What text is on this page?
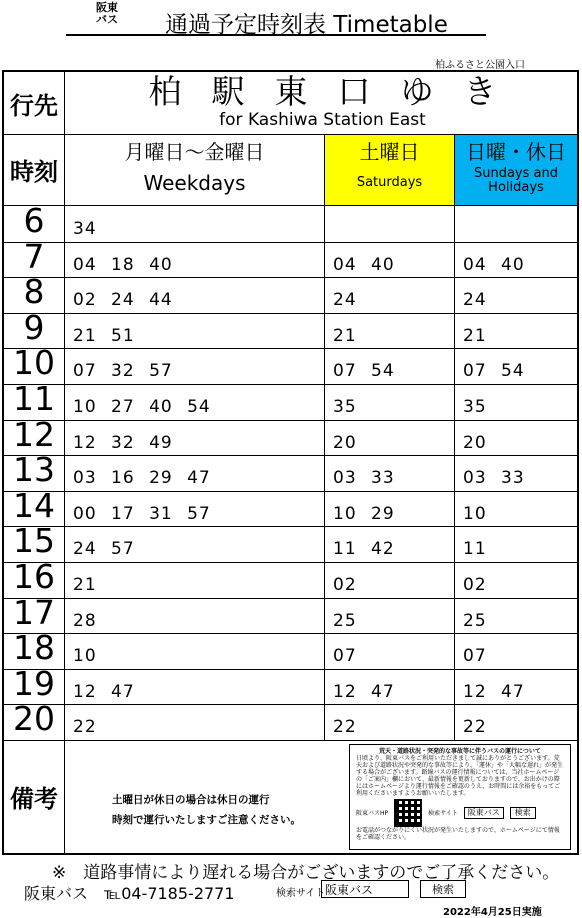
阪東
バス	通過予定時刻表 Timetable
柏ふるさと公園入口
行先	柏駅東口ゆき
for Kashiwa Station East
時刻
月曜日〜金曜日
Weekdays
土曜日
Saturdays
日曜・休日
Sundays and Holidays
6	34
7	04 18 40	04 40	04 40
8	02 24 44	24	24
9	21 51	21	21
10	07 32 57	07 54	07 54
11	10 27 40 54	35	35
12	12 32 49	20	20
13	03 16 29 47	03 33	03 33
14	00 17 31 57	10 29	10
15	24 57	11 42	11
16	21	02	02
17	28	25	25
18	10	07	07
19	12 47	12 47	12 47
20	22	22	22
備考	土曜日が休日の場合は休日の運行
時刻で運行いたしますご注意ください。
荒天・道路状況・突発的な事故等に伴うバスの運行について
日頃より、阪東バスをご利用いただきまして誠にありがとうございます。荒天および道路状況や突発的な事故等により、「運休」や「大幅な遅れ」が発生する場合がございます。路線バスの運行情報については、当社ホームページの「ご案内」欄において、最新情報を更新しておりますので、お出かけの際にはホームページより運行情報をご確認のうえ、お時間には余裕をもってご利用くださいますようお願いいたします。
阪東バスHP	検索サイト	阪東バス	検索
お電話がつながりにくい状況が発生いたしますので、ホームページにて情報をご確認ください。
※　道路事情により遅れる場合がございますのでご了承ください。
阪東バス　℡04-7185-2771	検索サイト 阪東バス	検索
2022年4月25日実施
